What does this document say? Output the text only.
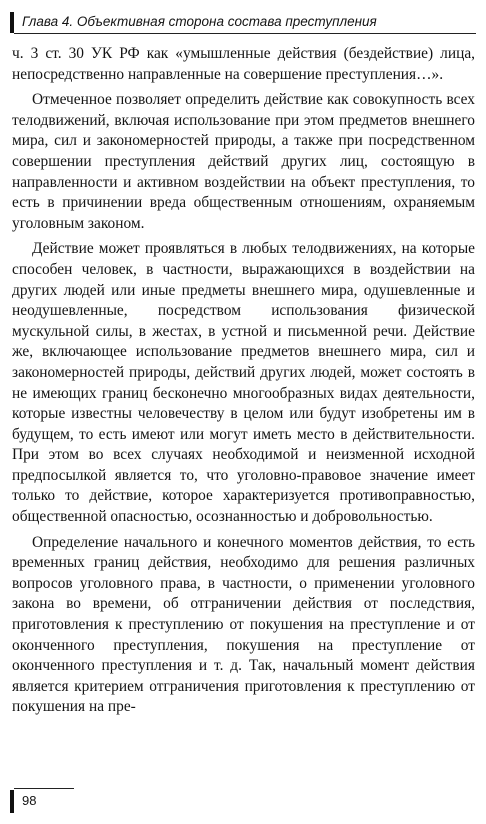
Глава 4. Объективная сторона состава преступления

ч. 3 ст. 30 УК РФ как «умышленные действия (бездействие) лица, непосредственно направленные на совершение преступления…».

Отмеченное позволяет определить действие как совокупность всех телодвижений, включая использование при этом предметов внешнего мира, сил и закономерностей природы, а также при посредственном совершении преступления действий других лиц, состоящую в направленности и активном воздействии на объект преступления, то есть в причинении вреда общественным отношениям, охраняемым уголовным законом.

Действие может проявляться в любых телодвижениях, на которые способен человек, в частности, выражающихся в воздействии на других людей или иные предметы внешнего мира, одушевленные и неодушевленные, посредством использования физической мускульной силы, в жестах, в устной и письменной речи. Действие же, включающее использование предметов внешнего мира, сил и закономерностей природы, действий других людей, может состоять в не имеющих границ бесконечно многообразных видах деятельности, которые известны человечеству в целом или будут изобретены им в будущем, то есть имеют или могут иметь место в действительности. При этом во всех случаях необходимой и неизменной исходной предпосылкой является то, что уголовно-правовое значение имеет только то действие, которое характеризуется противоправностью, общественной опасностью, осознанностью и добровольностью.

Определение начального и конечного моментов действия, то есть временных границ действия, необходимо для решения различных вопросов уголовного права, в частности, о применении уголовного закона во времени, об отграничении действия от последствия, приготовления к преступлению от покушения на преступление и от оконченного преступления, покушения на преступление от оконченного преступления и т. д. Так, начальный момент действия является критерием отграничения приготовления к преступлению от покушения на пре-

98
